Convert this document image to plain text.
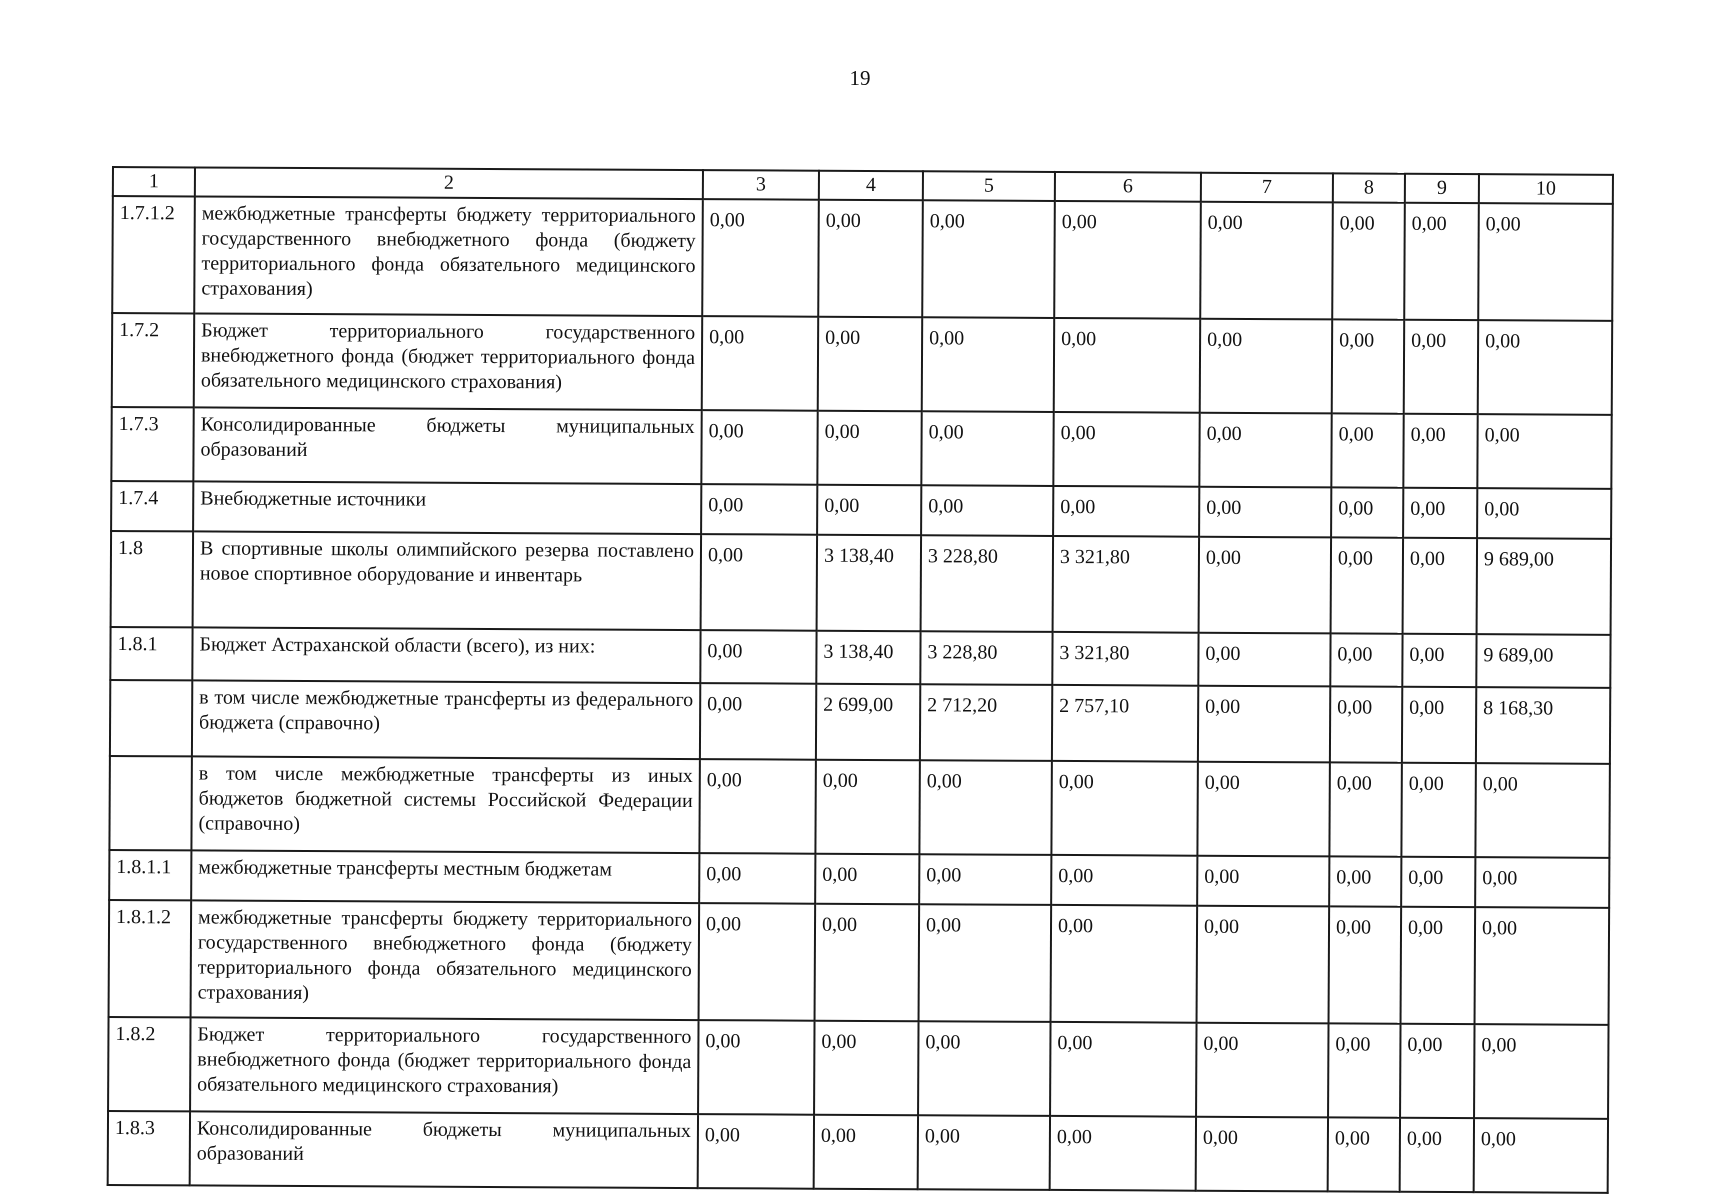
19
1	2	3	4	5	6	7	8	9	10
1.7.1.2	межбюджетные трансферты бюджету территориального государственного внебюджетного фонда (бюджету территориального фонда обязательного медицинского страхования)	0,00	0,00	0,00	0,00	0,00	0,00	0,00	0,00
1.7.2	Бюджет территориального государственного внебюджетного фонда (бюджет территориального фонда обязательного медицинского страхования)	0,00	0,00	0,00	0,00	0,00	0,00	0,00	0,00
1.7.3	Консолидированные бюджеты муниципальных образований	0,00	0,00	0,00	0,00	0,00	0,00	0,00	0,00
1.7.4	Внебюджетные источники	0,00	0,00	0,00	0,00	0,00	0,00	0,00	0,00
1.8	В спортивные школы олимпийского резерва поставлено новое спортивное оборудование и инвентарь	0,00	3 138,40	3 228,80	3 321,80	0,00	0,00	0,00	9 689,00
1.8.1	Бюджет Астраханской области (всего), из них:	0,00	3 138,40	3 228,80	3 321,80	0,00	0,00	0,00	9 689,00
	в том числе межбюджетные трансферты из федерального бюджета (справочно)	0,00	2 699,00	2 712,20	2 757,10	0,00	0,00	0,00	8 168,30
	в том числе межбюджетные трансферты из иных бюджетов бюджетной системы Российской Федерации (справочно)	0,00	0,00	0,00	0,00	0,00	0,00	0,00	0,00
1.8.1.1	межбюджетные трансферты местным бюджетам	0,00	0,00	0,00	0,00	0,00	0,00	0,00	0,00
1.8.1.2	межбюджетные трансферты бюджету территориального государственного внебюджетного фонда (бюджету территориального фонда обязательного медицинского страхования)	0,00	0,00	0,00	0,00	0,00	0,00	0,00	0,00
1.8.2	Бюджет территориального государственного внебюджетного фонда (бюджет территориального фонда обязательного медицинского страхования)	0,00	0,00	0,00	0,00	0,00	0,00	0,00	0,00
1.8.3	Консолидированные бюджеты муниципальных образований	0,00	0,00	0,00	0,00	0,00	0,00	0,00	0,00
